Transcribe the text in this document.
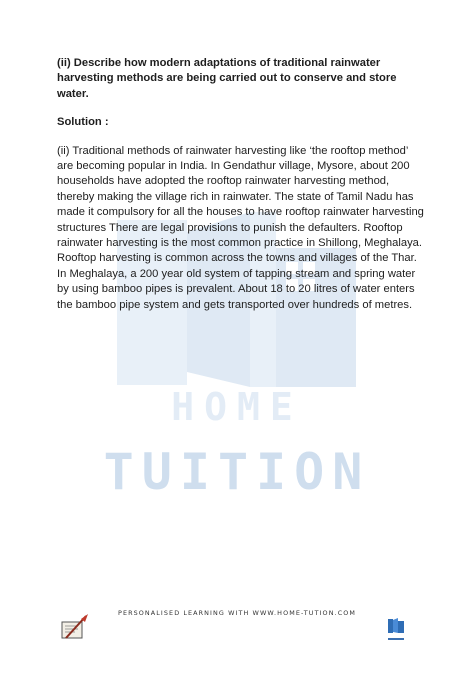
HOME
TUITION

(ii) Describe how modern adaptations of traditional rainwater harvesting methods are being carried out to conserve and store water.

Solution :

(ii) Traditional methods of rainwater harvesting like ‘the rooftop method’ are becoming popular in India. In Gendathur village, Mysore, about 200 households have adopted the rooftop rainwater harvesting method, thereby making the village rich in rainwater. The state of Tamil Nadu has made it compulsory for all the houses to have rooftop rainwater harvesting structures There are legal provisions to punish the defaulters. Rooftop rainwater harvesting is the most common practice in Shillong, Meghalaya. Rooftop harvesting is common across the towns and villages of the Thar. In Meghalaya, a 200 year old system of tapping stream and spring water by using bamboo pipes is prevalent. About 18 to 20 litres of water enters the bamboo pipe system and gets transported over hundreds of metres.

PERSONALISED LEARNING WITH WWW.HOME-TUTION.COM
